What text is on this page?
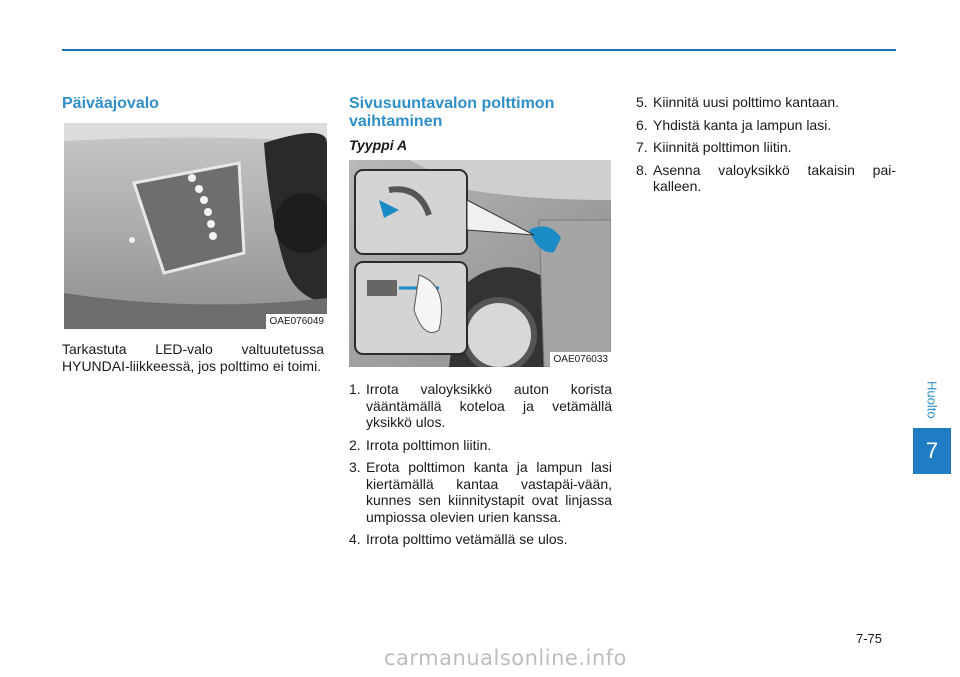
Päiväajovalo
OAE076049

Tarkastuta LED-valo valtuutetussa HYUNDAI-liikkeessä, jos polttimo ei toimi.

Sivusuuntavalon polttimon
vaihtaminen
Tyyppi A
OAE076033
1. Irrota valoyksikkö auton korista vääntämällä koteloa ja vetämällä yksikkö ulos.
2. Irrota polttimon liitin.
3. Erota polttimon kanta ja lampun lasi kiertämällä kantaa vastapäi-vään, kunnes sen kiinnitystapit ovat linjassa umpiossa olevien urien kanssa.
4. Irrota polttimo vetämällä se ulos.
5. Kiinnitä uusi polttimo kantaan.
6. Yhdistä kanta ja lampun lasi.
7. Kiinnitä polttimon liitin.
8. Asenna valoyksikkö takaisin pai-kalleen.
Huolto
7
7-75
carmanualsonline.info
